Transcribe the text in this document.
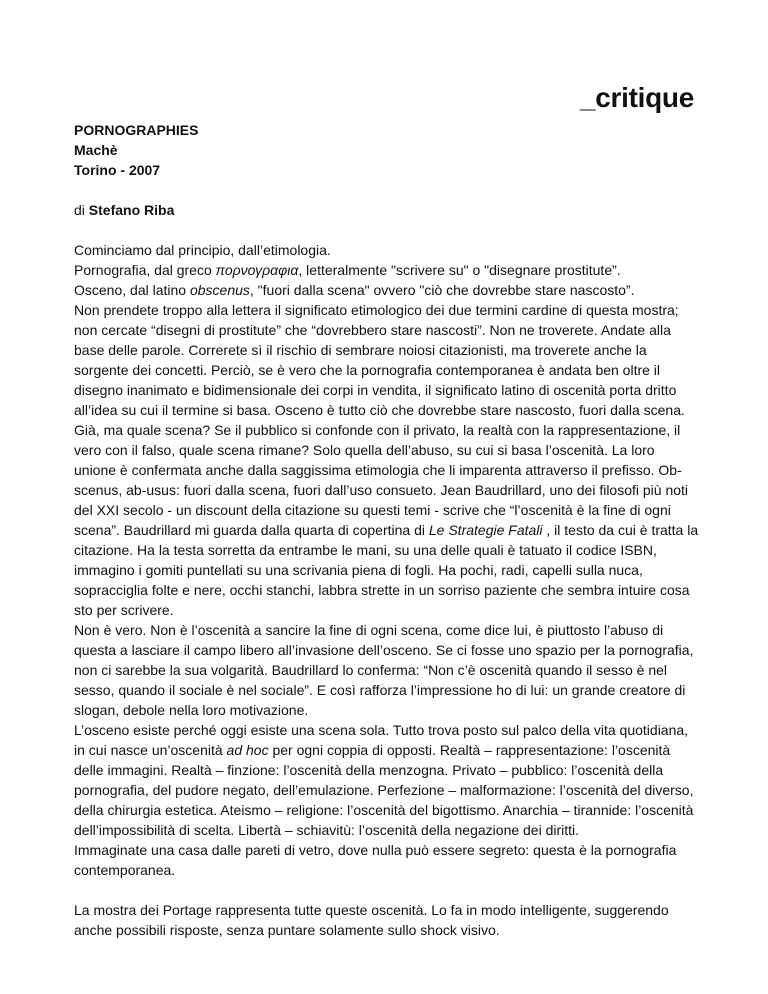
_critique
PORNOGRAPHIES
Machè
Torino - 2007
di Stefano Riba

Cominciamo dal principio, dall’etimologia.

Pornografia, dal greco πορνογραφια, letteralmente "scrivere su" o "disegnare prostitute”.

Osceno, dal latino obscenus, "fuori dalla scena" ovvero "ciò che dovrebbe stare nascosto”.

Non prendete troppo alla lettera il significato etimologico dei due termini cardine di questa mostra; non cercate “disegni di prostitute” che “dovrebbero stare nascosti”. Non ne troverete. Andate alla base delle parole. Correrete sì il rischio di sembrare noiosi citazionisti, ma troverete anche la sorgente dei concetti. Perciò, se è vero che la pornografia contemporanea è andata ben oltre il disegno inanimato e bidimensionale dei corpi in vendita, il significato latino di oscenità porta dritto all’idea su cui il termine si basa. Osceno è tutto ciò che dovrebbe stare nascosto, fuori dalla scena.

Già, ma quale scena? Se il pubblico si confonde con il privato, la realtà con la rappresentazione, il vero con il falso, quale scena rimane? Solo quella dell’abuso, su cui si basa l’oscenità. La loro unione è confermata anche dalla saggissima etimologia che li imparenta attraverso il prefisso. Ob-scenus, ab-usus: fuori dalla scena, fuori dall’uso consueto. Jean Baudrillard, uno dei filosofi più noti del XXI secolo - un discount della citazione su questi temi - scrive che “l’oscenità è la fine di ogni scena”. Baudrillard mi guarda dalla quarta di copertina di Le Strategie Fatali , il testo da cui è tratta la citazione. Ha la testa sorretta da entrambe le mani, su una delle quali è tatuato il codice ISBN, immagino i gomiti puntellati su una scrivania piena di fogli. Ha pochi, radi, capelli sulla nuca, sopracciglia folte e nere, occhi stanchi, labbra strette in un sorriso paziente che sembra intuire cosa sto per scrivere.

Non è vero. Non è l’oscenità a sancire la fine di ogni scena, come dice lui, è piuttosto l’abuso di questa a lasciare il campo libero all’invasione dell’osceno. Se ci fosse uno spazio per la pornografia, non ci sarebbe la sua volgarità. Baudrillard lo conferma: “Non c’è oscenità quando il sesso è nel sesso, quando il sociale è nel sociale”. E così rafforza l’impressione ho di lui: un grande creatore di slogan, debole nella loro motivazione.

L’osceno esiste perché oggi esiste una scena sola. Tutto trova posto sul palco della vita quotidiana, in cui nasce un’oscenità ad hoc per ogni coppia di opposti. Realtà – rappresentazione: l’oscenità delle immagini. Realtà – finzione: l’oscenità della menzogna. Privato – pubblico: l’oscenità della pornografia, del pudore negato, dell’emulazione. Perfezione – malformazione: l’oscenità del diverso, della chirurgia estetica. Ateismo – religione: l’oscenità del bigottismo. Anarchia – tirannide: l’oscenità dell’impossibilità di scelta. Libertà – schiavitù: l’oscenità della negazione dei diritti.

Immaginate una casa dalle pareti di vetro, dove nulla può essere segreto: questa è la pornografia contemporanea.

La mostra dei Portage rappresenta tutte queste oscenità. Lo fa in modo intelligente, suggerendo anche possibili risposte, senza puntare solamente sullo shock visivo.
